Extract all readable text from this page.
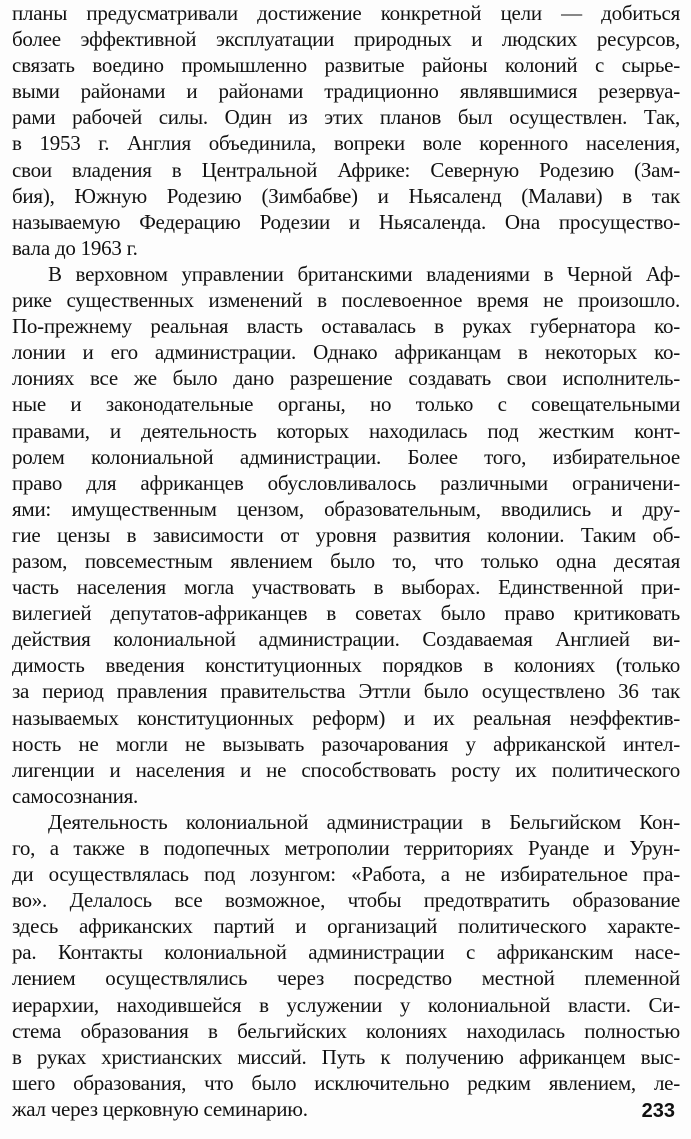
планы предусматривали достижение конкретной цели — добиться
более эффективной эксплуатации природных и людских ресурсов,
связать воедино промышленно развитые районы колоний с сырье-
выми районами и районами традиционно являвшимися резервуа-
рами рабочей силы. Один из этих планов был осуществлен. Так,
в 1953 г. Англия объединила, вопреки воле коренного населения,
свои владения в Центральной Африке: Северную Родезию (Зам-
бия), Южную Родезию (Зимбабве) и Ньясаленд (Малави) в так
называемую Федерацию Родезии и Ньясаленда. Она просущество-
вала до 1963 г.
В верховном управлении британскими владениями в Черной Аф-
рике существенных изменений в послевоенное время не произошло.
По-прежнему реальная власть оставалась в руках губернатора ко-
лонии и его администрации. Однако африканцам в некоторых ко-
лониях все же было дано разрешение создавать свои исполнитель-
ные и законодательные органы, но только с совещательными
правами, и деятельность которых находилась под жестким конт-
ролем колониальной администрации. Более того, избирательное
право для африканцев обусловливалось различными ограничени-
ями: имущественным цензом, образовательным, вводились и дру-
гие цензы в зависимости от уровня развития колонии. Таким об-
разом, повсеместным явлением было то, что только одна десятая
часть населения могла участвовать в выборах. Единственной при-
вилегией депутатов-африканцев в советах было право критиковать
действия колониальной администрации. Создаваемая Англией ви-
димость введения конституционных порядков в колониях (только
за период правления правительства Эттли было осуществлено 36 так
называемых конституционных реформ) и их реальная неэффектив-
ность не могли не вызывать разочарования у африканской интел-
лигенции и населения и не способствовать росту их политического
самосознания.
Деятельность колониальной администрации в Бельгийском Кон-
го, а также в подопечных метрополии территориях Руанде и Урун-
ди осуществлялась под лозунгом: «Работа, а не избирательное пра-
во». Делалось все возможное, чтобы предотвратить образование
здесь африканских партий и организаций политического характе-
ра. Контакты колониальной администрации с африканским насе-
лением осуществлялись через посредство местной племенной
иерархии, находившейся в услужении у колониальной власти. Си-
стема образования в бельгийских колониях находилась полностью
в руках христианских миссий. Путь к получению африканцем выс-
шего образования, что было исключительно редким явлением, ле-
жал через церковную семинарию.	233
